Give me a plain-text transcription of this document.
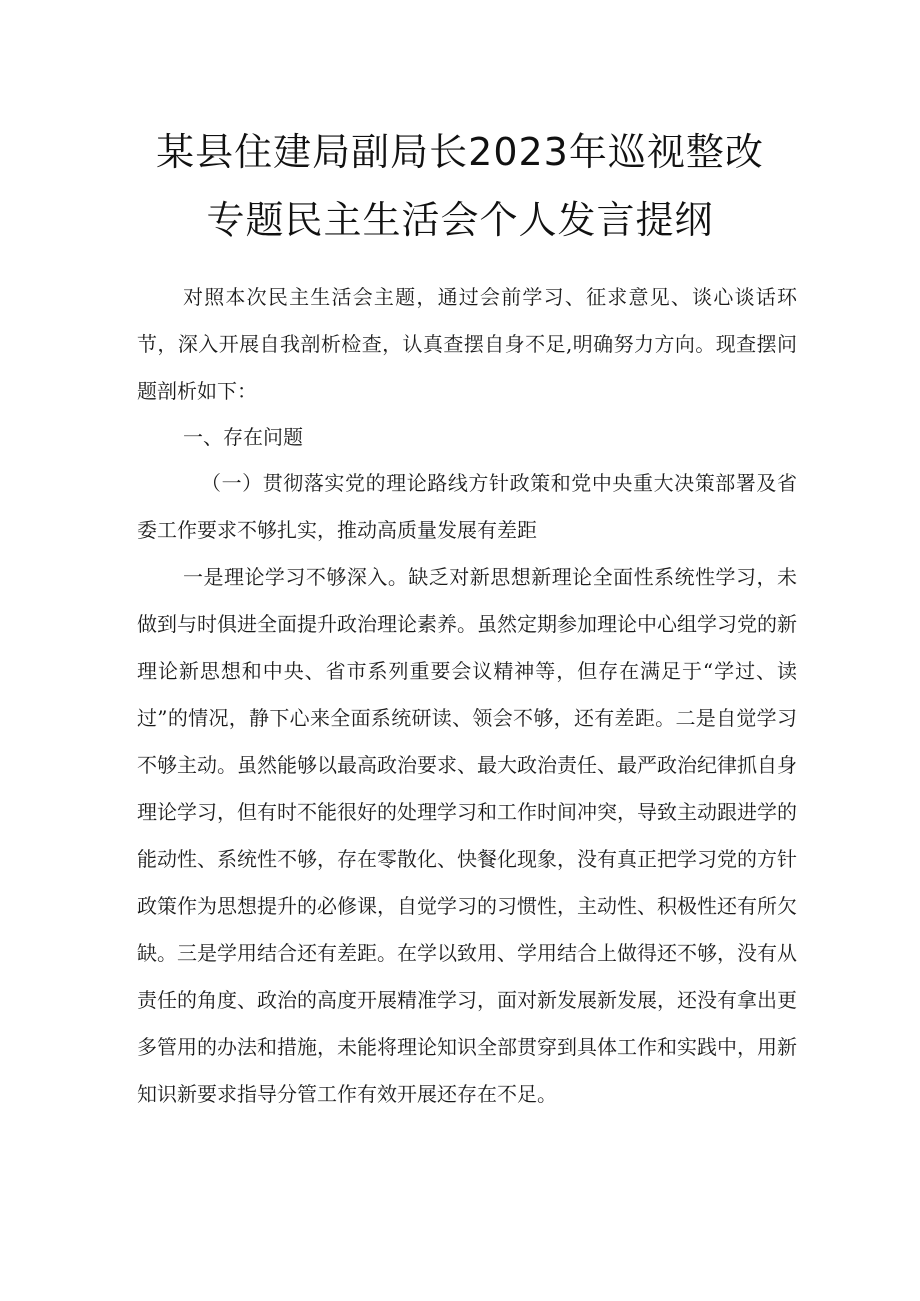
某县住建局副局长2023年巡视整改
专题民主生活会个人发言提纲

对照本次民主生活会主题，通过会前学习、征求意见、谈心谈话环节，深入开展自我剖析检查，认真查摆自身不足,明确努力方向。现查摆问题剖析如下：

一、存在问题

（一）贯彻落实党的理论路线方针政策和党中央重大决策部署及省委工作要求不够扎实，推动高质量发展有差距

一是理论学习不够深入。缺乏对新思想新理论全面性系统性学习，未做到与时俱进全面提升政治理论素养。虽然定期参加理论中心组学习党的新理论新思想和中央、省市系列重要会议精神等，但存在满足于“学过、读过”的情况，静下心来全面系统研读、领会不够，还有差距。二是自觉学习不够主动。虽然能够以最高政治要求、最大政治责任、最严政治纪律抓自身理论学习，但有时不能很好的处理学习和工作时间冲突，导致主动跟进学的能动性、系统性不够，存在零散化、快餐化现象，没有真正把学习党的方针政策作为思想提升的必修课，自觉学习的习惯性，主动性、积极性还有所欠缺。三是学用结合还有差距。在学以致用、学用结合上做得还不够，没有从责任的角度、政治的高度开展精准学习，面对新发展新发展，还没有拿出更多管用的办法和措施，未能将理论知识全部贯穿到具体工作和实践中，用新知识新要求指导分管工作有效开展还存在不足。
